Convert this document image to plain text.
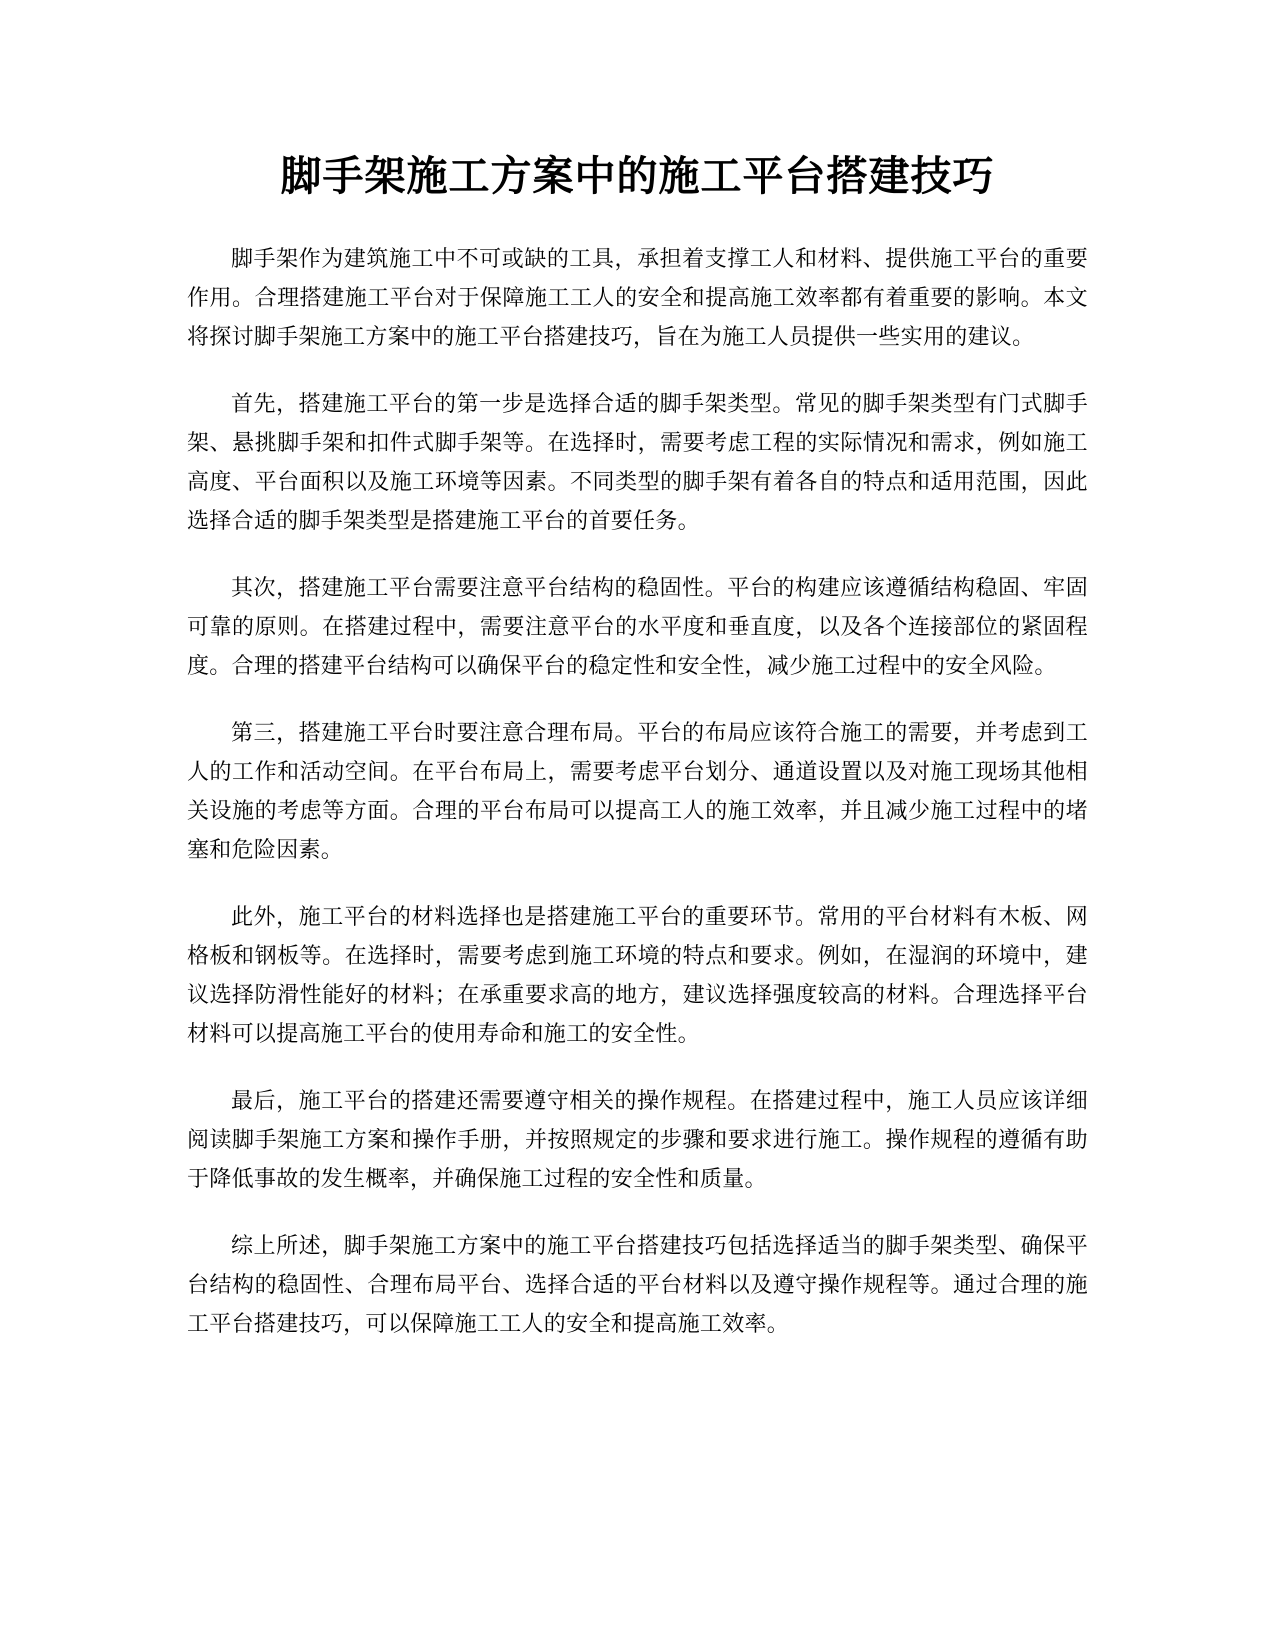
脚手架施工方案中的施工平台搭建技巧

脚手架作为建筑施工中不可或缺的工具，承担着支撑工人和材料、提供施工平台的重要作用。合理搭建施工平台对于保障施工工人的安全和提高施工效率都有着重要的影响。本文将探讨脚手架施工方案中的施工平台搭建技巧，旨在为施工人员提供一些实用的建议。

首先，搭建施工平台的第一步是选择合适的脚手架类型。常见的脚手架类型有门式脚手架、悬挑脚手架和扣件式脚手架等。在选择时，需要考虑工程的实际情况和需求，例如施工高度、平台面积以及施工环境等因素。不同类型的脚手架有着各自的特点和适用范围，因此选择合适的脚手架类型是搭建施工平台的首要任务。

其次，搭建施工平台需要注意平台结构的稳固性。平台的构建应该遵循结构稳固、牢固可靠的原则。在搭建过程中，需要注意平台的水平度和垂直度，以及各个连接部位的紧固程度。合理的搭建平台结构可以确保平台的稳定性和安全性，减少施工过程中的安全风险。

第三，搭建施工平台时要注意合理布局。平台的布局应该符合施工的需要，并考虑到工人的工作和活动空间。在平台布局上，需要考虑平台划分、通道设置以及对施工现场其他相关设施的考虑等方面。合理的平台布局可以提高工人的施工效率，并且减少施工过程中的堵塞和危险因素。

此外，施工平台的材料选择也是搭建施工平台的重要环节。常用的平台材料有木板、网格板和钢板等。在选择时，需要考虑到施工环境的特点和要求。例如，在湿润的环境中，建议选择防滑性能好的材料；在承重要求高的地方，建议选择强度较高的材料。合理选择平台材料可以提高施工平台的使用寿命和施工的安全性。

最后，施工平台的搭建还需要遵守相关的操作规程。在搭建过程中，施工人员应该详细阅读脚手架施工方案和操作手册，并按照规定的步骤和要求进行施工。操作规程的遵循有助于降低事故的发生概率，并确保施工过程的安全性和质量。

综上所述，脚手架施工方案中的施工平台搭建技巧包括选择适当的脚手架类型、确保平台结构的稳固性、合理布局平台、选择合适的平台材料以及遵守操作规程等。通过合理的施工平台搭建技巧，可以保障施工工人的安全和提高施工效率。
